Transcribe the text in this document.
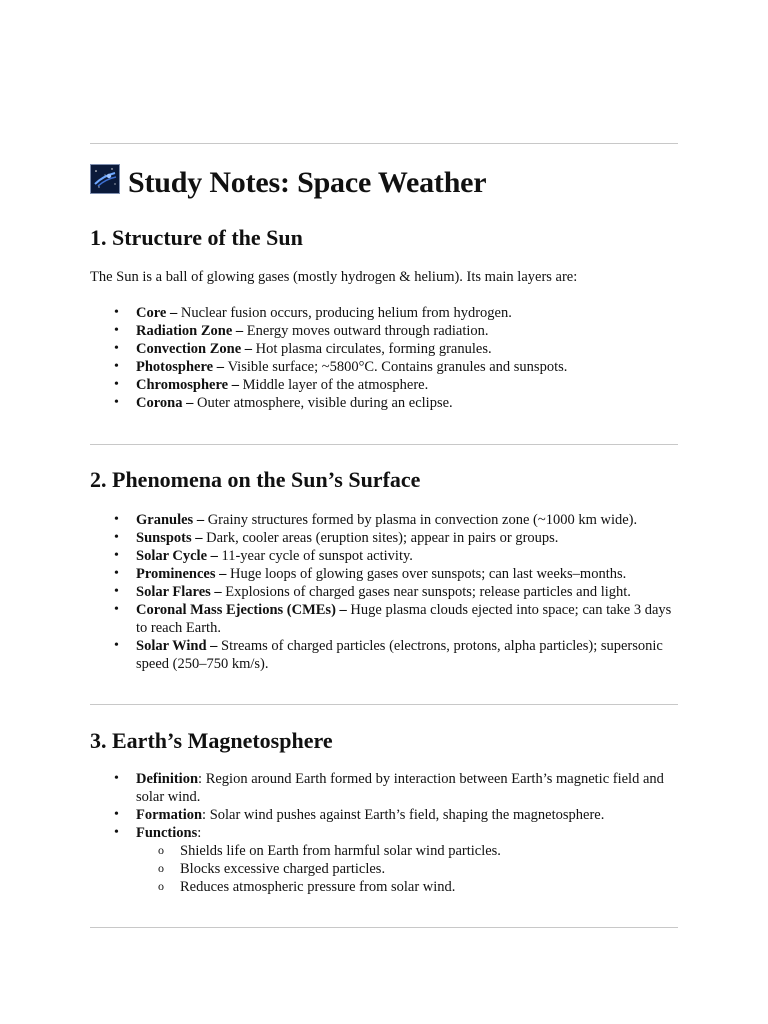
Study Notes: Space Weather
1. Structure of the Sun

The Sun is a ball of glowing gases (mostly hydrogen & helium). Its main layers are:

• Core – Nuclear fusion occurs, producing helium from hydrogen.
• Radiation Zone – Energy moves outward through radiation.
• Convection Zone – Hot plasma circulates, forming granules.
• Photosphere – Visible surface; ~5800°C. Contains granules and sunspots.
• Chromosphere – Middle layer of the atmosphere.
• Corona – Outer atmosphere, visible during an eclipse.
2. Phenomena on the Sun’s Surface
• Granules – Grainy structures formed by plasma in convection zone (~1000 km wide).
• Sunspots – Dark, cooler areas (eruption sites); appear in pairs or groups.
• Solar Cycle – 11-year cycle of sunspot activity.
• Prominences – Huge loops of glowing gases over sunspots; can last weeks–months.
• Solar Flares – Explosions of charged gases near sunspots; release particles and light.
• Coronal Mass Ejections (CMEs) – Huge plasma clouds ejected into space; can take 3 days to reach Earth.
• Solar Wind – Streams of charged particles (electrons, protons, alpha particles); supersonic speed (250–750 km/s).
3. Earth’s Magnetosphere
• Definition: Region around Earth formed by interaction between Earth’s magnetic field and solar wind.
• Formation: Solar wind pushes against Earth’s field, shaping the magnetosphere.
• Functions:
o Shields life on Earth from harmful solar wind particles.
o Blocks excessive charged particles.
o Reduces atmospheric pressure from solar wind.
